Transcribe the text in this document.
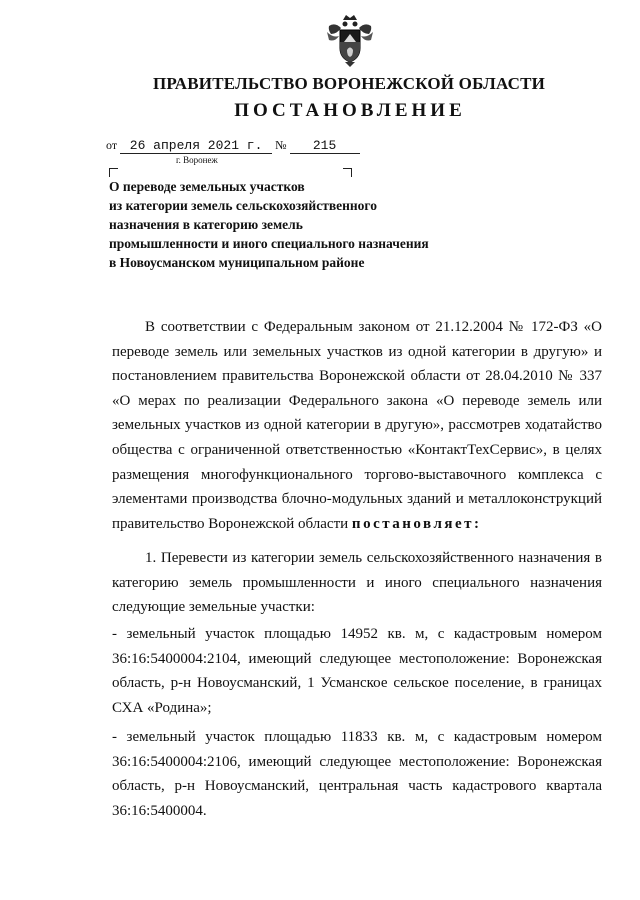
ПРАВИТЕЛЬСТВО ВОРОНЕЖСКОЙ ОБЛАСТИ
ПОСТАНОВЛЕНИЕ
от 26 апреля 2021 г. № 215
г. Воронеж
О переводе земельных участков
из категории земель сельскохозяйственного
назначения в категорию земель
промышленности и иного специального назначения
в Новоусманском муниципальном районе
В соответствии с Федеральным законом от 21.12.2004 № 172-ФЗ «О переводе земель или земельных участков из одной категории в другую» и постановлением правительства Воронежской области от 28.04.2010 № 337 «О мерах по реализации Федерального закона «О переводе земель или земельных участков из одной категории в другую», рассмотрев ходатайство общества с ограниченной ответственностью «КонтактТехСервис», в целях размещения многофункционального торгово-выставочного комплекса с элементами производства блочно-модульных зданий и металлоконструкций правительство Воронежской области постановляет:
1. Перевести из категории земель сельскохозяйственного назначения в категорию земель промышленности и иного специального назначения следующие земельные участки:
- земельный участок площадью 14952 кв. м, с кадастровым номером 36:16:5400004:2104, имеющий следующее местоположение: Воронежская область, р-н Новоусманский, 1 Усманское сельское поселение, в границах СХА «Родина»;
- земельный участок площадью 11833 кв. м, с кадастровым номером 36:16:5400004:2106, имеющий следующее местоположение: Воронежская область, р-н Новоусманский, центральная часть кадастрового квартала 36:16:5400004.
